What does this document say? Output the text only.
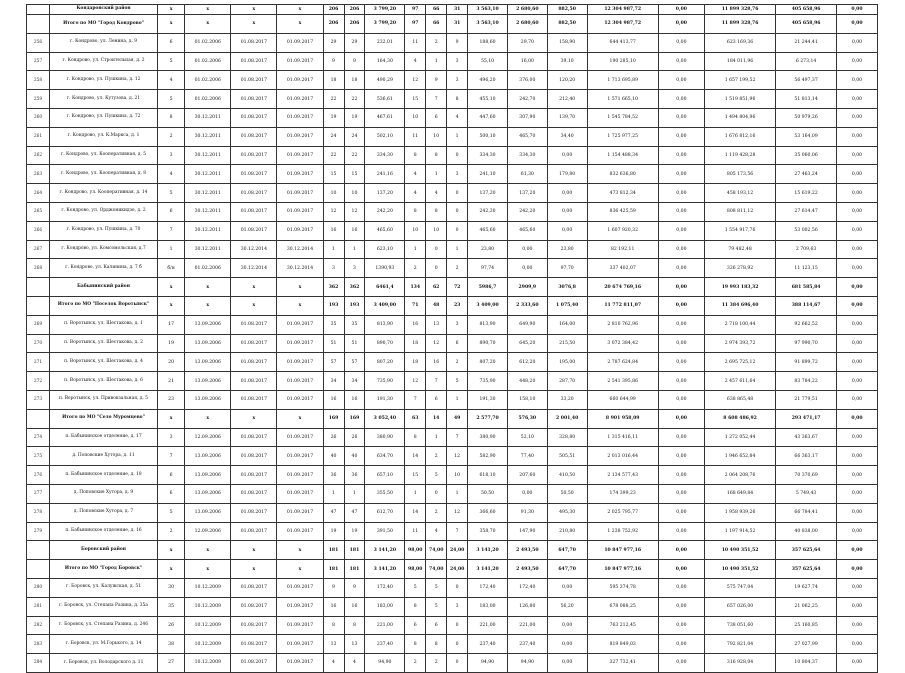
	Кондаровский район	x	x	x	x	206	206	3 799,20	97	66	31	3 563,10	2 680,60	882,50	12 304 987,72	0,00	11 899 328,76	405 658,96	0,00
	Итого по МО "Город Кондрово"	x	x	x	x	206	206	3 799,20	97	66	31	3 563,10	2 680,60	882,50	12 304 987,72	0,00	11 899 328,76	405 658,96	0,00
256	г. Кондрово, ул. Ленина, д. 9	6	01.02.2006	01.08.2017	01.09.2017	29	29	232,01	11	2	9	188,60	29,70	158,90	644 413,77	0,00	623 169,36	21 244,41	0,00
257	г. Кондрово, ул. Строительная, д. 2	5	01.02.2006	01.08.2017	01.09.2017	9	9	164,30	4	1	3	55,10	16,00	39,10	190 285,10	0,00	184 011,96	6 273,14	0,00
258	г. Кондрово, ул. Пушкина, д. 12	4	01.02.2006	01.08.2017	01.09.2017	18	18	490,29	12	9	3	496,20	376,00	120,20	1 713 695,89	0,00	1 657 199,52	56 497,37	0,00
259	г. Кондрово, ул. Кутузова, д. 21	5	01.02.2006	01.08.2017	01.09.2017	22	22	536,61	15	7	8	455,10	242,70	212,40	1 571 665,10	0,00	1 519 851,96	51 813,14	0,00
260	г. Кондрово, ул. Пушкина, д. 72	8	30.12.2011	01.08.2017	01.09.2017	19	19	467,61	10	6	4	447,60	307,90	139,70	1 545 784,52	0,00	1 494 804,96	50 979,26	0,00
261	г. Кондрово, ул. К.Маркса, д. 1	2	30.12.2011	01.08.2017	01.09.2017	24	24	502,10	11	10	1	500,10	465,70	34,40	1 725 977,25	0,00	1 676 812,16	53 164,09	0,00
262	г. Кондрово, ул. Кооперативная, д. 5	3	30.12.2011	01.08.2017	01.09.2017	22	22	334,30	8	8	0	334,30	334,30	0,00	1 154 488,34	0,00	1 119 428,28	35 060,06	0,00
263	г. Кондрово, ул. Кооперативная, д. 8	4	30.12.2011	01.08.2017	01.09.2017	15	15	241,16	4	1	3	241,10	61,30	179,80	832 636,80	0,00	805 173,56	27 463,24	0,00
264	г. Кондрово, ул. Кооперативная, д. 14	5	30.12.2011	01.08.2017	01.09.2017	10	10	137,20	4	4	0	137,20	137,20	0,00	473 812,34	0,00	458 193,12	15 619,22	0,00
265	г. Кондрово, ул. Орджоникидзе, д. 2	6	30.12.2011	01.08.2017	01.09.2017	12	12	242,20	8	8	0	242,20	242,20	0,00	836 425,59	0,00	808 811,12	27 614,47	0,00
266	г. Кондрово, ул. Пушкина, д. 70	7	30.12.2011	01.08.2017	01.09.2017	16	16	465,60	10	10	0	465,60	465,60	0,00	1 607 920,32	0,00	1 554 917,76	53 002,56	0,00
267	г. Кондрово, ул. Комсомольская, д.7	1	30.12.2011	30.12.2014	30.12.2014	1	1	623,10	1	0	1	23,80	0,00	23,80	82 192,11	0,00	79 482,48	2 709,63	0,00
268	г. Кондрово, ул. Калинина, д. 7 б	б/н	01.02.2006	30.12.2014	30.12.2014	3	3	1390,93	2	0	2	97,74	0,00	97,70	337 402,07	0,00	326 278,92	11 123,15	0,00
	Бабынинский район	x	x	x	x	362	362	6461,4	134	62	72	5986,7	2909,9	3076,8	20 674 769,16	0,00	19 993 183,32	681 585,84	0,00
	Итого по МО "Поселок Воротынск"	x	x	x	x	193	193	3 409,00	71	48	23	3 409,00	2 333,60	1 075,40	11 772 811,07	0,00	11 384 696,40	388 114,67	0,00
269	п. Воротынск, ул. Шестакова, д. 1	17	13.09.2006	01.08.2017	01.09.2017	35	35	813,90	16	13	3	813,90	649,90	164,00	2 810 762,96	0,00	2 718 100,44	92 662,52	0,00
270	п. Воротынск, ул. Шестакова, д. 2	19	13.09.2006	01.08.2017	01.09.2017	51	51	890,70	18	12	6	890,70	645,20	215,50	3 072 384,42	0,00	2 974 393,72	97 990,70	0,00
271	п. Воротынск, ул. Шестакова, д. 4	20	13.09.2006	01.08.2017	01.09.2017	57	57	807,20	18	16	2	807,20	612,20	195,00	2 787 624,84	0,00	2 695 725,12	91 899,72	0,00
272	п. Воротынск, ул. Шестакова, д. 6	21	13.09.2006	01.08.2017	01.09.2017	34	34	735,90	12	7	5	735,90	448,20	287,70	2 541 395,86	0,00	2 457 611,64	83 784,22	0,00
273	п. Воротынск, ул. Привокзальная, д. 5	23	13.09.2006	01.08.2017	01.09.2017	16	16	191,30	7	6	1	191,30	158,10	33,20	660 644,99	0,00	638 865,48	21 779,51	0,00
	Итого по МО "Село Муромцево"	x	x	x	x	169	169	3 052,40	63	14	49	2 577,70	576,30	2 001,40	8 901 958,09	0,00	8 608 486,92	293 471,17	0,00
274	п. Бабынинское отделение, д. 17	3	12.09.2006	01.08.2017	01.09.2017	26	26	380,90	8	1	7	380,90	52,10	328,80	1 315 416,11	0,00	1 272 052,44	43 363,67	0,00
275	д. Поповские Хутора, д. 11	7	13.09.2006	01.08.2017	01.09.2017	40	40	634,70	14	2	12	582,90	77,40	505,51	2 013 016,44	0,00	1 946 652,84	66 363,17	0,00
276	п. Бабынинское отделение, д. 18	6	13.09.2006	01.08.2017	01.09.2017	36	36	657,10	15	5	10	618,10	207,60	410,50	2 134 577,43	0,00	2 064 208,76	70 370,69	0,00
277	д. Поповские Хутора, д. 9	6	13.09.2006	01.08.2017	01.09.2017	1	1	355,50	1	0	1	50,50	0,00	50,50	174 399,23	0,00	168 649,84	5 749,43	0,00
278	д. Поповские Хутора, д. 7	5	13.09.2006	01.08.2017	01.09.2017	47	47	612,70	14	2	12	366,60	91,30	495,30	2 025 795,77	0,00	1 958 939,26	66 784,41	0,00
279	п. Бабынинское отделение, д. 16	2	12.09.2006	01.08.2017	01.09.2017	19	19	391,50	11	4	7	358,70	147,90	210,80	1 238 752,92	0,00	1 197 914,52	40 838,00	0,00
	Боровский район	x	x	x	x	181	181	3 141,20	98,00	74,00	24,00	3 141,20	2 493,50	647,70	10 847 977,16	0,00	10 490 351,52	357 625,64	0,00
	Итого по МО "Город Боровск"	x	x	x	x	181	181	3 141,20	98,00	74,00	24,00	3 141,20	2 493,50	647,70	10 847 977,16	0,00	10 490 351,52	357 625,64	0,00
280	г. Боровск, ул. Калужская, д. 51	30	10.12.2009	01.08.2017	01.09.2017	9	9	172,40	5	5	0	172,40	172,40	0,00	595 374,78	0,00	575 747,04	19 627,74	0,00
281	г. Боровск, ул. Степана Разина, д. 35а	35	10.12.2009	01.08.2017	01.09.2017	16	16	183,00	8	5	3	183,00	126,80	56,20	678 088,25	0,00	657 026,00	21 062,25	0,00
282	г. Боровск, ул. Степана Разина, д. 246	26	10.12.2009	01.08.2017	01.09.2017	8	8	221,00	6	6	0	221,00	221,00	0,00	763 212,45	0,00	738 051,60	25 160,85	0,00
283	г. Боровск, ул. М.Горького, д. 14	38	10.12.2009	01.08.2017	01.09.2017	13	13	237,40	8	8	0	237,40	237,40	0,00	819 849,03	0,00	792 821,04	27 027,99	0,00
284	г. Боровск, ул. Володарского д. 11	27	10.12.2009	01.08.2017	01.09.2017	4	4	94,90	2	2	0	94,90	94,90	0,00	327 732,41	0,00	316 928,04	10 804,37	0,00
